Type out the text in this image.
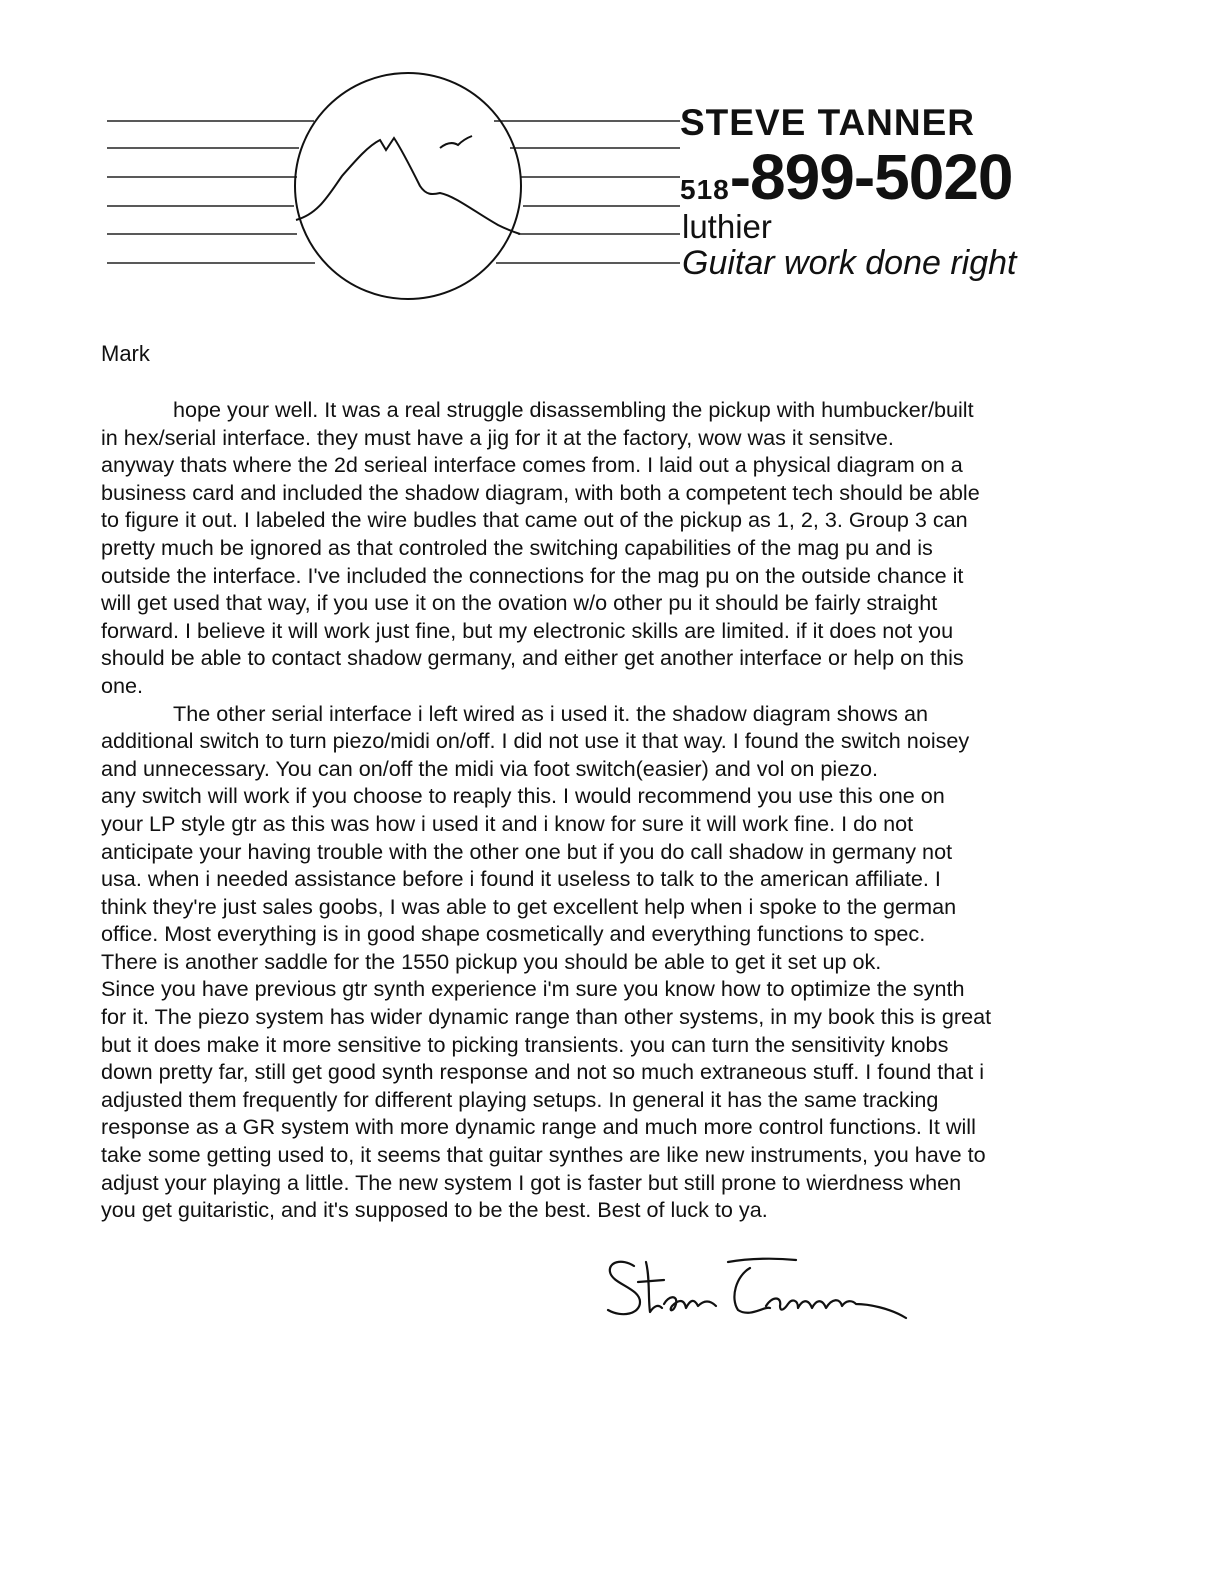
STEVE TANNER
518-899-5020
luthier
Guitar work done right
Mark
hope your well. It was a real struggle disassembling the pickup with humbucker/built
in hex/serial interface. they must have a jig for it at the factory, wow was it sensitve.
anyway thats where the 2d serieal interface comes from. I laid out a physical diagram on a
business card and included the shadow diagram, with both a competent tech should be able
to figure it out. I labeled the wire budles that came out of the pickup as 1, 2, 3. Group 3 can
pretty much be ignored as that controled the switching capabilities of the mag pu and is
outside the interface. I've included the connections for the mag pu on the outside chance it
will get used that way, if you use it on the ovation w/o other pu it should be fairly straight
forward. I believe it will work just fine, but my electronic skills are limited. if it does not you
should be able to contact shadow germany, and either get another interface or help on this
one.
The other serial interface i left wired as i used it. the shadow diagram shows an
additional switch to turn piezo/midi on/off. I did not use it that way. I found the switch noisey
and unnecessary. You can on/off the midi via foot switch(easier) and vol on piezo.
any switch will work if you choose to reaply this. I would recommend you use this one on
your LP style gtr as this was how i used it and i know for sure it will work fine. I do not
anticipate your having trouble with the other one but if you do call shadow in germany not
usa. when i needed assistance before i found it useless to talk to the american affiliate. I
think they're just sales goobs, I was able to get excellent help when i spoke to the german
office. Most everything is in good shape cosmetically and everything functions to spec.
There is another saddle for the 1550 pickup you should be able to get it set up ok.
Since you have previous gtr synth experience i'm sure you know how to optimize the synth
for it. The piezo system has wider dynamic range than other systems, in my book this is great
but it does make it more sensitive to picking transients. you can turn the sensitivity knobs
down pretty far, still get good synth response and not so much extraneous stuff. I found that i
adjusted them frequently for different playing setups. In general it has the same tracking
response as a GR system with more dynamic range and much more control functions. It will
take some getting used to, it seems that guitar synthes are like new instruments, you have to
adjust your playing a little. The new system I got is faster but still prone to wierdness when
you get guitaristic, and it's supposed to be the best. Best of luck to ya.
